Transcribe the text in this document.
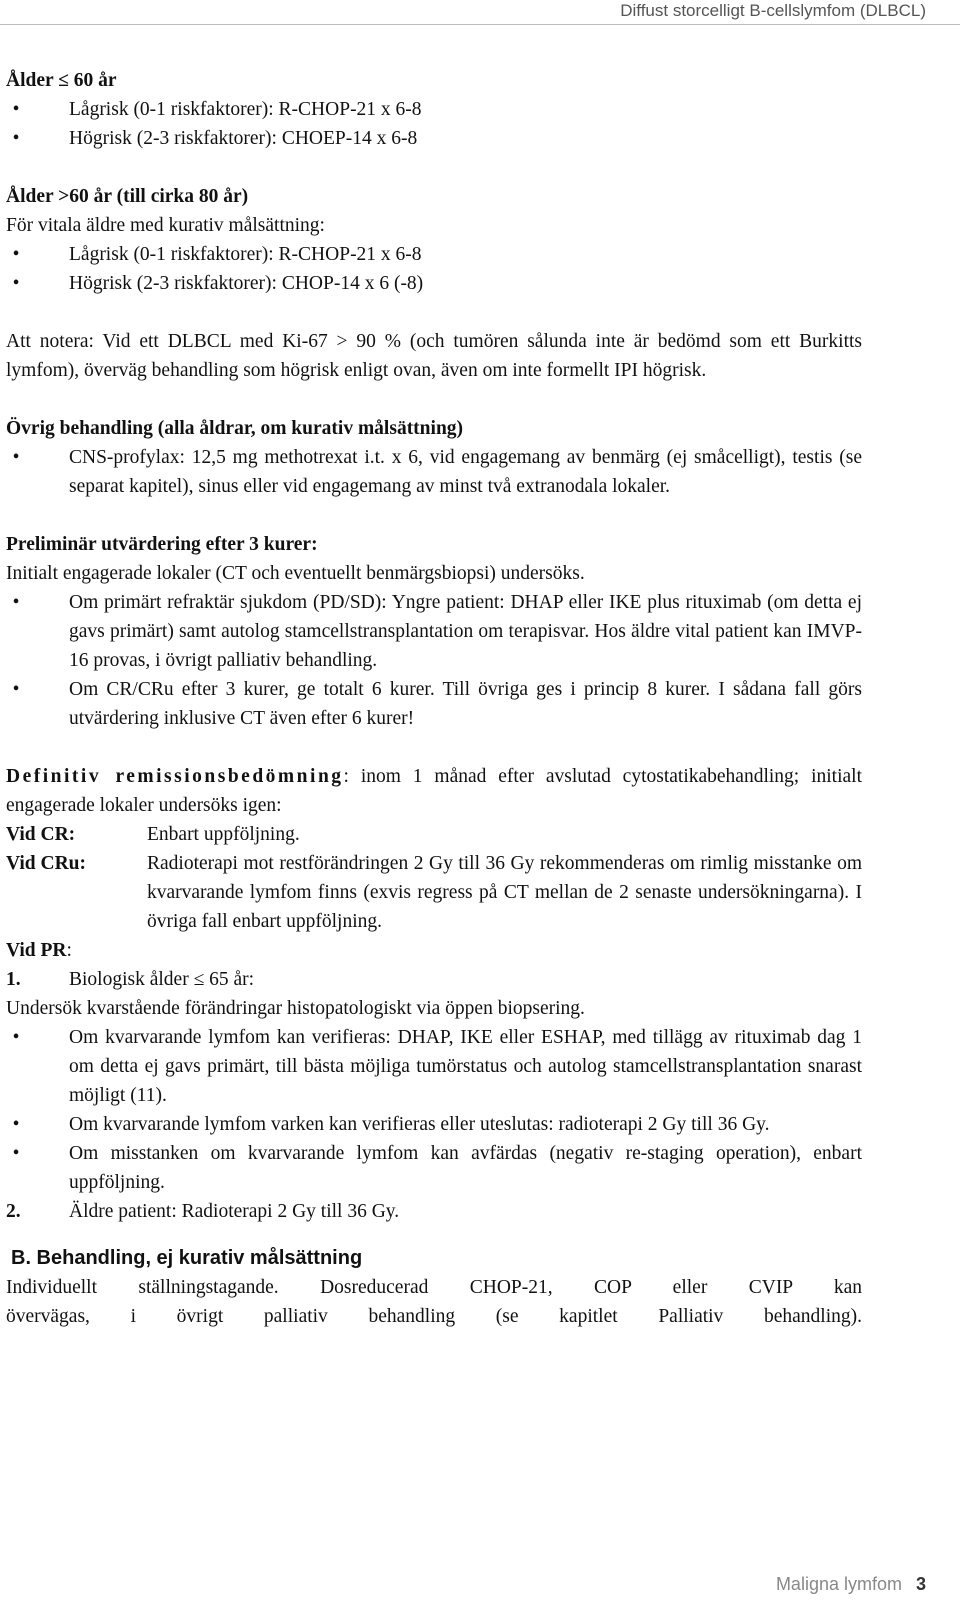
Diffust storcelligt B-cellslymfom (DLBCL)
Ålder ≤ 60 år
•	Lågrisk (0-1 riskfaktorer): R-CHOP-21 x 6-8
•	Högrisk (2-3 riskfaktorer): CHOEP-14 x 6-8
Ålder >60 år (till cirka 80 år)

För vitala äldre med kurativ målsättning:

•	Lågrisk (0-1 riskfaktorer): R-CHOP-21 x 6-8
•	Högrisk (2-3 riskfaktorer): CHOP-14 x 6 (-8)

Att notera: Vid ett DLBCL med Ki-67 > 90 % (och tumören sålunda inte är bedömd som ett Burkitts lymfom), överväg behandling som högrisk enligt ovan, även om inte formellt IPI högrisk.

Övrig behandling (alla åldrar, om kurativ målsättning)
•	CNS-profylax: 12,5 mg methotrexat i.t. x 6, vid engagemang av benmärg (ej småcelligt), testis (se separat kapitel), sinus eller vid engagemang av minst två extranodala lokaler.
Preliminär utvärdering efter 3 kurer:

Initialt engagerade lokaler (CT och eventuellt benmärgsbiopsi) undersöks.

•	Om primärt refraktär sjukdom (PD/SD): Yngre patient: DHAP eller IKE plus rituximab (om detta ej gavs primärt) samt autolog stamcellstransplantation om terapisvar. Hos äldre vital patient kan IMVP-16 provas, i övrigt palliativ behandling.
•	Om CR/CRu efter 3 kurer, ge totalt 6 kurer. Till övriga ges i princip 8 kurer. I sådana fall görs utvärdering inklusive CT även efter 6 kurer!

Definitiv remissionsbedömning: inom 1 månad efter avslutad cytostatikabehandling; initialt engagerade lokaler undersöks igen:

Vid CR:	Enbart uppföljning.
Vid CRu:	Radioterapi mot restförändringen 2 Gy till 36 Gy rekommenderas om rimlig misstanke om kvarvarande lymfom finns (exvis regress på CT mellan de 2 senaste undersökningarna). I övriga fall enbart uppföljning.

Vid PR:

1. Biologisk ålder ≤ 65 år:

Undersök kvarstående förändringar histopatologiskt via öppen biopsering.

•	Om kvarvarande lymfom kan verifieras: DHAP, IKE eller ESHAP, med tillägg av rituximab dag 1 om detta ej gavs primärt, till bästa möjliga tumörstatus och autolog stamcellstransplantation snarast möjligt (11).
•	Om kvarvarande lymfom varken kan verifieras eller uteslutas: radioterapi 2 Gy till 36 Gy.
•	Om misstanken om kvarvarande lymfom kan avfärdas (negativ re-staging operation), enbart uppföljning.
2. Äldre patient: Radioterapi 2 Gy till 36 Gy.
B. Behandling, ej kurativ målsättning

Individuellt ställningstagande. Dosreducerad CHOP-21, COP eller CVIP kan

övervägas, i övrigt palliativ behandling (se kapitlet Palliativ behandling).

Maligna lymfom 3
